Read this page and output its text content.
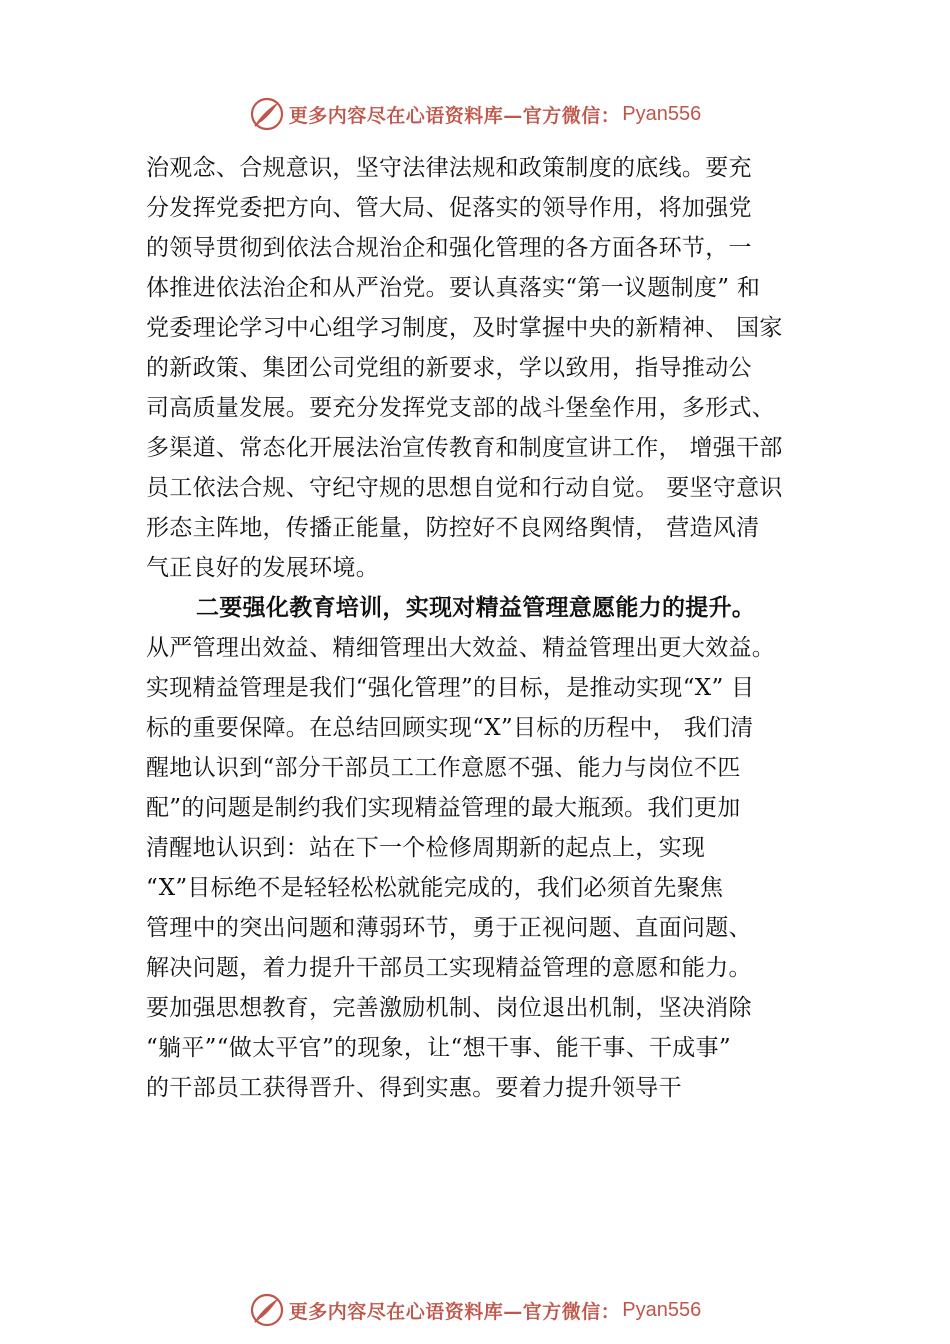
更多内容尽在心语资料库—官方微信： Pyan556
治观念、合规意识，坚守法律法规和政策制度的底线。要充
分发挥党委把方向、管大局、促落实的领导作用，将加强党
的领导贯彻到依法合规治企和强化管理的各方面各环节，一
体推进依法治企和从严治党。要认真落实“第一议题制度” 和
党委理论学习中心组学习制度，及时掌握中央的新精神、 国家
的新政策、集团公司党组的新要求，学以致用，指导推动公
司高质量发展。要充分发挥党支部的战斗堡垒作用，多形式、
多渠道、常态化开展法治宣传教育和制度宣讲工作， 增强干部
员工依法合规、守纪守规的思想自觉和行动自觉。 要坚守意识
形态主阵地，传播正能量，防控好不良网络舆情， 营造风清
气正良好的发展环境。
二要强化教育培训，实现对精益管理意愿能力的提升。
从严管理出效益、精细管理出大效益、精益管理出更大效益。
实现精益管理是我们“强化管理”的目标，是推动实现“X” 目
标的重要保障。在总结回顾实现“X”目标的历程中， 我们清
醒地认识到“部分干部员工工作意愿不强、能力与岗位不匹
配”的问题是制约我们实现精益管理的最大瓶颈。我们更加
清醒地认识到：站在下一个检修周期新的起点上，实现
“X”目标绝不是轻轻松松就能完成的，我们必须首先聚焦
管理中的突出问题和薄弱环节，勇于正视问题、直面问题、
解决问题，着力提升干部员工实现精益管理的意愿和能力。
要加强思想教育，完善激励机制、岗位退出机制，坚决消除
“躺平”“做太平官”的现象，让“想干事、能干事、干成事”
的干部员工获得晋升、得到实惠。要着力提升领导干
更多内容尽在心语资料库—官方微信： Pyan556
